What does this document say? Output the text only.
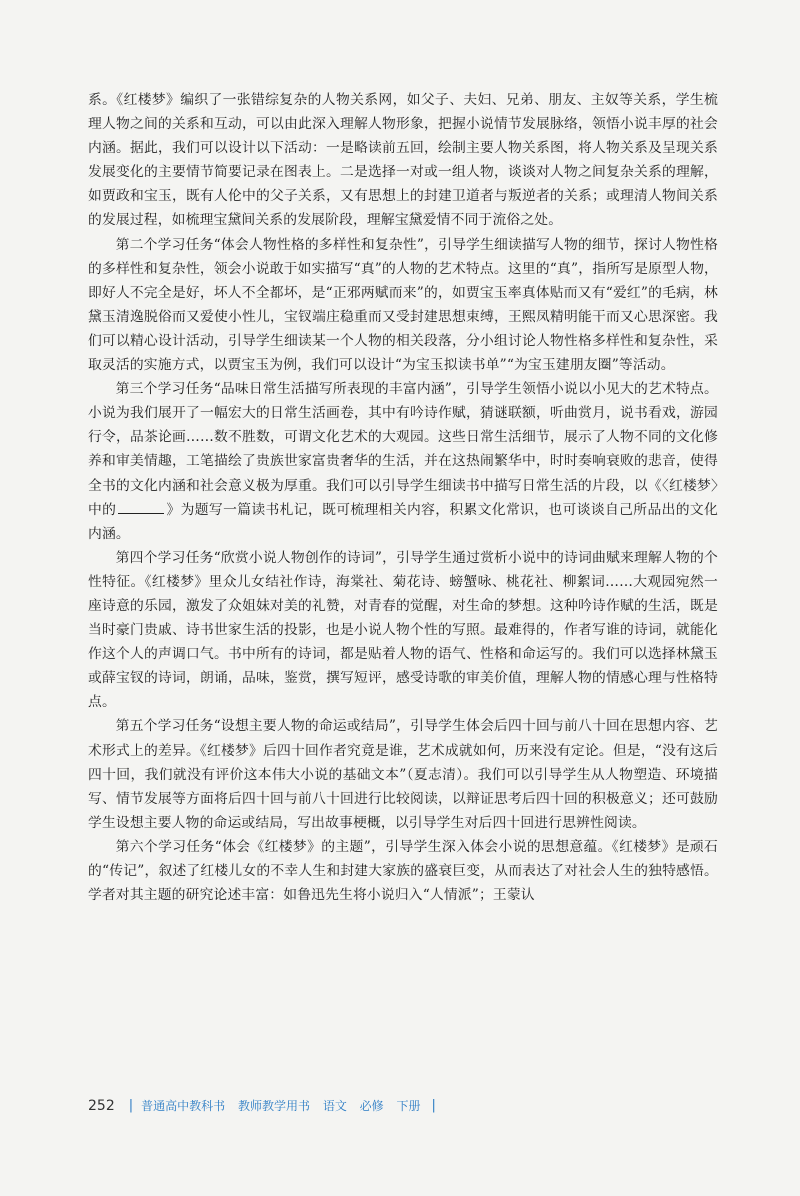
系。《红楼梦》编织了一张错综复杂的人物关系网，如父子、夫妇、兄弟、朋友、主奴等关系，学生梳理人物之间的关系和互动，可以由此深入理解人物形象，把握小说情节发展脉络，领悟小说丰厚的社会内涵。据此，我们可以设计以下活动：一是略读前五回，绘制主要人物关系图，将人物关系及呈现关系发展变化的主要情节简要记录在图表上。二是选择一对或一组人物，谈谈对人物之间复杂关系的理解，如贾政和宝玉，既有人伦中的父子关系，又有思想上的封建卫道者与叛逆者的关系；或理清人物间关系的发展过程，如梳理宝黛间关系的发展阶段，理解宝黛爱情不同于流俗之处。

第二个学习任务“体会人物性格的多样性和复杂性”，引导学生细读描写人物的细节，探讨人物性格的多样性和复杂性，领会小说敢于如实描写“真”的人物的艺术特点。这里的“真”，指所写是原型人物，即好人不完全是好，坏人不全都坏，是“正邪两赋而来”的，如贾宝玉率真体贴而又有“爱红”的毛病，林黛玉清逸脱俗而又爱使小性儿，宝钗端庄稳重而又受封建思想束缚，王熙凤精明能干而又心思深密。我们可以精心设计活动，引导学生细读某一个人物的相关段落，分小组讨论人物性格多样性和复杂性，采取灵活的实施方式，以贾宝玉为例，我们可以设计“为宝玉拟读书单”“为宝玉建朋友圈”等活动。

第三个学习任务“品味日常生活描写所表现的丰富内涵”，引导学生领悟小说以小见大的艺术特点。小说为我们展开了一幅宏大的日常生活画卷，其中有吟诗作赋，猜谜联额，听曲赏月，说书看戏，游园行令，品茶论画……数不胜数，可谓文化艺术的大观园。这些日常生活细节，展示了人物不同的文化修养和审美情趣，工笔描绘了贵族世家富贵奢华的生活，并在这热闹繁华中，时时奏响衰败的悲音，使得全书的文化内涵和社会意义极为厚重。我们可以引导学生细读书中描写日常生活的片段，以《〈红楼梦〉中的	》为题写一篇读书札记，既可梳理相关内容，积累文化常识，也可谈谈自己所品出的文化内涵。

第四个学习任务“欣赏小说人物创作的诗词”，引导学生通过赏析小说中的诗词曲赋来理解人物的个性特征。《红楼梦》里众儿女结社作诗，海棠社、菊花诗、螃蟹咏、桃花社、柳絮词……大观园宛然一座诗意的乐园，激发了众姐妹对美的礼赞，对青春的觉醒，对生命的梦想。这种吟诗作赋的生活，既是当时豪门贵戚、诗书世家生活的投影，也是小说人物个性的写照。最难得的，作者写谁的诗词，就能化作这个人的声调口气。书中所有的诗词，都是贴着人物的语气、性格和命运写的。我们可以选择林黛玉或薛宝钗的诗词，朗诵，品味，鉴赏，撰写短评，感受诗歌的审美价值，理解人物的情感心理与性格特点。

第五个学习任务“设想主要人物的命运或结局”，引导学生体会后四十回与前八十回在思想内容、艺术形式上的差异。《红楼梦》后四十回作者究竟是谁，艺术成就如何，历来没有定论。但是，“没有这后四十回，我们就没有评价这本伟大小说的基础文本”（夏志清）。我们可以引导学生从人物塑造、环境描写、情节发展等方面将后四十回与前八十回进行比较阅读，以辩证思考后四十回的积极意义；还可鼓励学生设想主要人物的命运或结局，写出故事梗概，以引导学生对后四十回进行思辨性阅读。

第六个学习任务“体会《红楼梦》的主题”，引导学生深入体会小说的思想意蕴。《红楼梦》是顽石的“传记”，叙述了红楼儿女的不幸人生和封建大家族的盛衰巨变，从而表达了对社会人生的独特感悟。学者对其主题的研究论述丰富：如鲁迅先生将小说归入“人情派”；王蒙认

252 | 普通高中教科书 教师教学用书 语文 必修 下册 |
